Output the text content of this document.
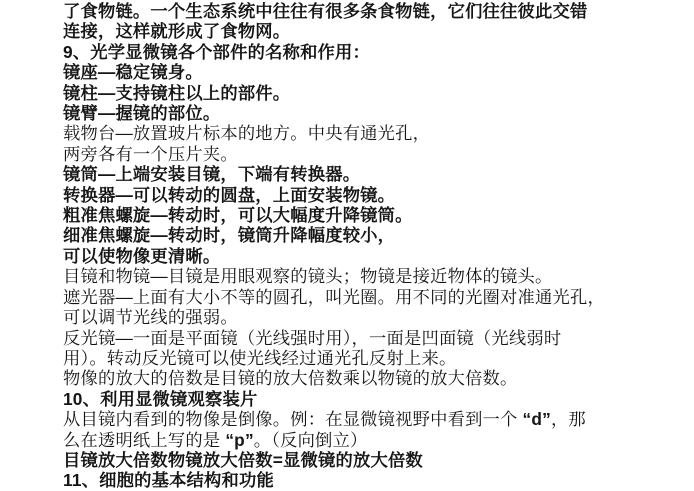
了食物链。一个生态系统中往往有很多条食物链，它们往往彼此交错
连接，这样就形成了食物网。
9、光学显微镜各个部件的名称和作用：
镜座—稳定镜身。
镜柱—支持镜柱以上的部件。
镜臂—握镜的部位。
载物台—放置玻片标本的地方。中央有通光孔，
两旁各有一个压片夹。
镜筒—上端安装目镜，下端有转换器。
转换器—可以转动的圆盘，上面安装物镜。
粗准焦螺旋—转动时，可以大幅度升降镜筒。
细准焦螺旋—转动时，镜筒升降幅度较小，
可以使物像更清晰。
目镜和物镜—目镜是用眼观察的镜头；物镜是接近物体的镜头。
遮光器—上面有大小不等的圆孔，叫光圈。用不同的光圈对准通光孔，
可以调节光线的强弱。
反光镜—一面是平面镜（光线强时用），一面是凹面镜（光线弱时
用）。转动反光镜可以使光线经过通光孔反射上来。
物像的放大的倍数是目镜的放大倍数乘以物镜的放大倍数。
10、利用显微镜观察装片
从目镜内看到的物像是倒像。例：在显微镜视野中看到一个 “d”，那
么在透明纸上写的是 “p”。（反向倒立）
目镜放大倍数物镜放大倍数=显微镜的放大倍数
11、细胞的基本结构和功能
